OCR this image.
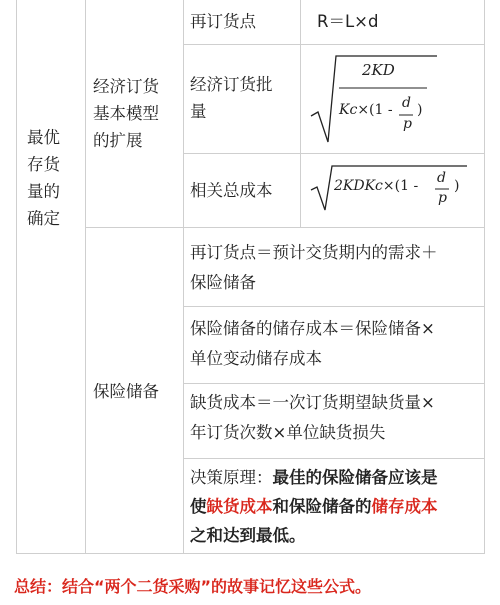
最优
存货
量的
确定
经济订货
基本模型
的扩展
再订货点	R＝L×d
经济订货批
量
2KD
Kc×(1 - d
p
)
相关总成本	2KDKc×(1 - d
p
)
保险储备
再订货点＝预计交货期内的需求＋
保险储备
保险储备的储存成本＝保险储备×
单位变动储存成本
缺货成本＝一次订货期望缺货量×
年订货次数×单位缺货损失
决策原理：最佳的保险储备应该是
使缺货成本和保险储备的储存成本
之和达到最低。
总结：结合“两个二货采购”的故事记忆这些公式。
